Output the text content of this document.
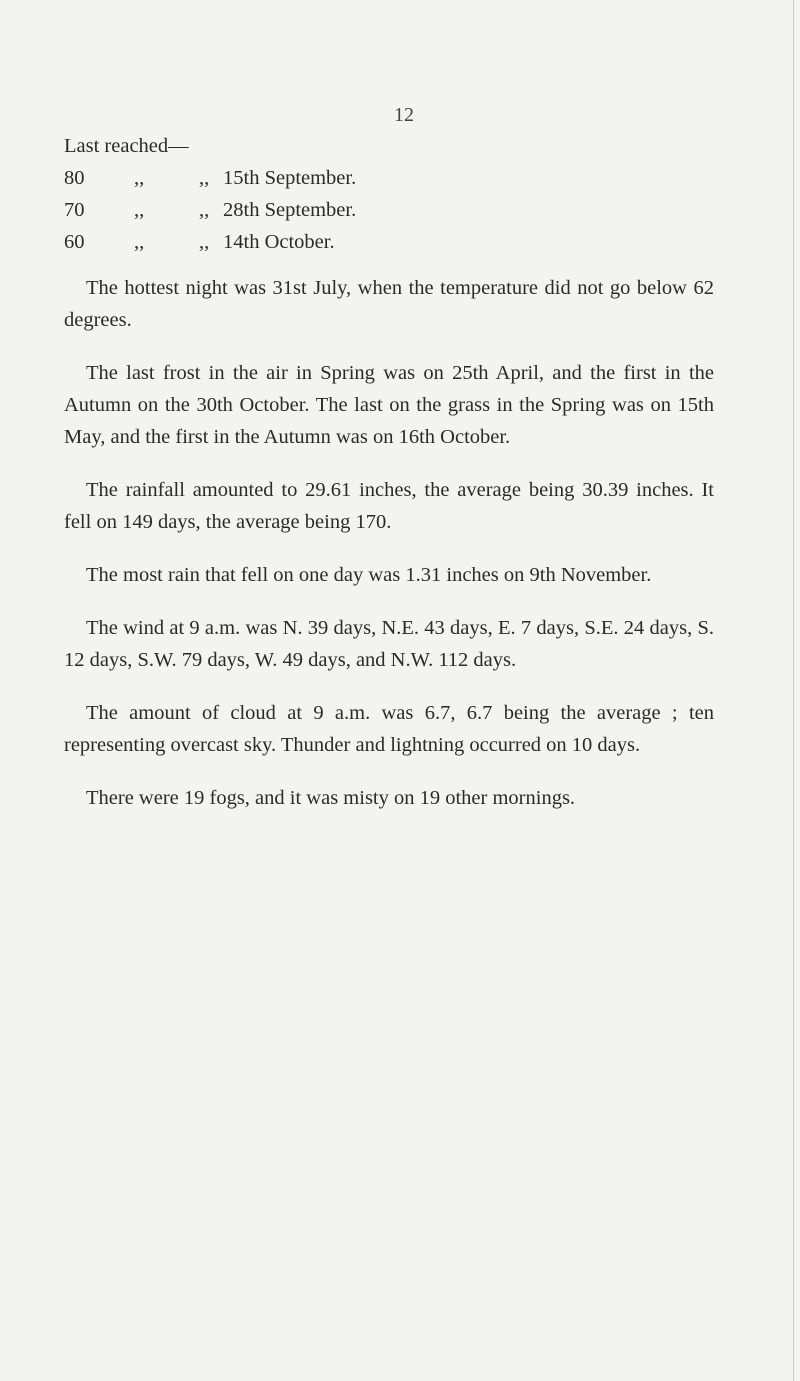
12

Last reached—

80	,,	,,	15th September.
70	,,	,,	28th September.
60	,,	,,	14th October.

The hottest night was 31st July, when the temperature did not go below 62 degrees.

The last frost in the air in Spring was on 25th April, and the first in the Autumn on the 30th October. The last on the grass in the Spring was on 15th May, and the first in the Autumn was on 16th October.

The rainfall amounted to 29.61 inches, the average being 30.39 inches. It fell on 149 days, the average being 170.

The most rain that fell on one day was 1.31 inches on 9th November.

The wind at 9 a.m. was N. 39 days, N.E. 43 days, E. 7 days, S.E. 24 days, S. 12 days, S.W. 79 days, W. 49 days, and N.W. 112 days.

The amount of cloud at 9 a.m. was 6.7, 6.7 being the average ; ten representing overcast sky. Thunder and lightning occurred on 10 days.

There were 19 fogs, and it was misty on 19 other mornings.
